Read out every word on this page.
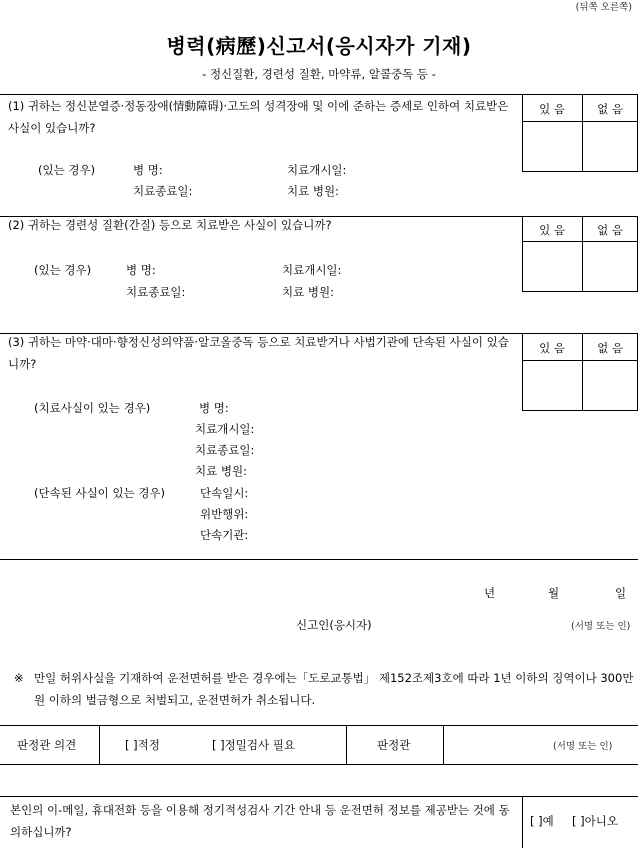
(뒤쪽 오른쪽)
병력(病歷)신고서(응시자가 기재)
- 정신질환, 경련성 질환, 마약류, 알콜중독 등 -
(1) 귀하는 정신분열증·정동장애(情動障碍)·고도의 성격장애 및 이에 준하는 증세로 인하여 치료받은 사실이 있습니까?
있 음	없 음
(있는 경우)	병 명:	치료개시일:
치료종료일:	치료 병원:
(2) 귀하는 경련성 질환(간질) 등으로 치료받은 사실이 있습니까?	있 음	없 음
(있는 경우)	병 명:	치료개시일:
치료종료일:	치료 병원:
(3) 귀하는 마약·대마·향정신성의약품·알코올중독 등으로 치료받거나 사법기관에 단속된 사실이 있습니까?
있 음	없 음
(치료사실이 있는 경우)	병 명:
치료개시일:
치료종료일:
치료 병원:
(단속된 사실이 있는 경우)	단속일시:
위반행위:
단속기관:
년	월	일
신고인(응시자)	(서명 또는 인)
※ 만일 허위사실을 기재하여 운전면허를 받은 경우에는「도로교통법」 제152조제3호에 따라 1년 이하의 징역이나 300만원 이하의 벌금형으로 처벌되고, 운전면허가 취소됩니다.
판정관 의견	[ ]적정	[ ]정밀검사 필요	판정관	(서명 또는 인)
본인의 이-메일, 휴대전화 등을 이용해 정기적성검사 기간 안내 등 운전면허 정보를 제공받는 것에 동의하십니까?
[ ]예 [ ]아니오
